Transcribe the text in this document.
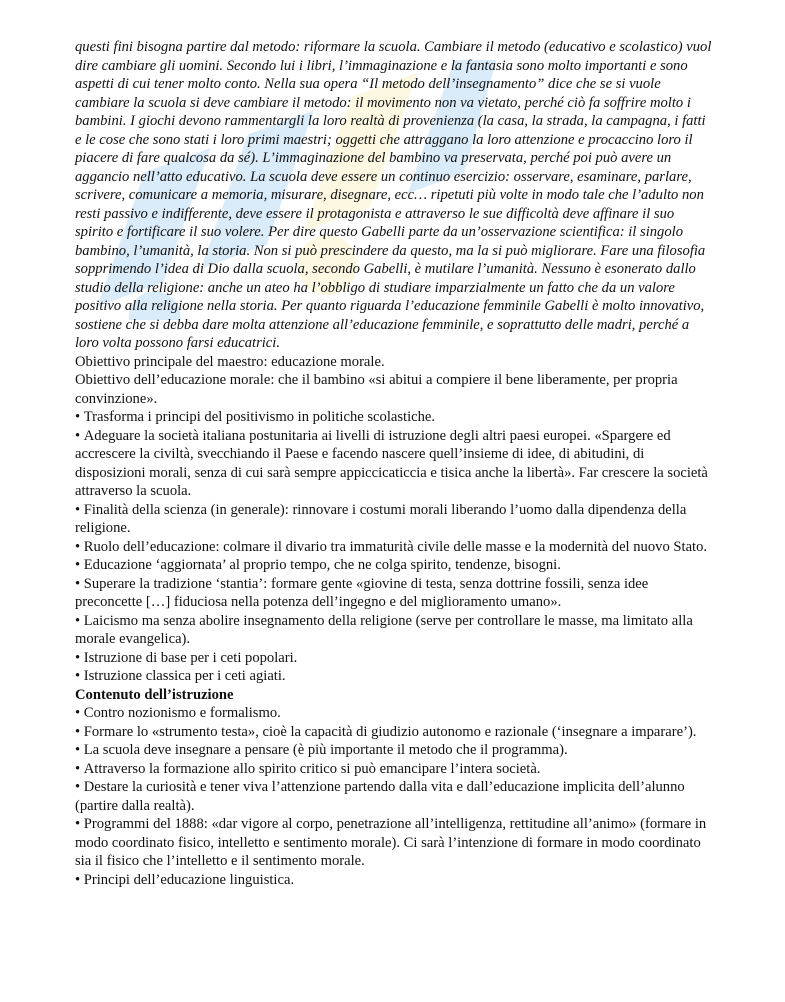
questi fini bisogna partire dal metodo: riformare la scuola. Cambiare il metodo (educativo e scolastico) vuol dire cambiare gli uomini. Secondo lui i libri, l’immaginazione e la fantasia sono molto importanti e sono aspetti di cui tener molto conto. Nella sua opera “Il metodo dell’insegnamento” dice che se si vuole cambiare la scuola si deve cambiare il metodo: il movimento non va vietato, perché ciò fa soffrire molto i bambini. I giochi devono rammentargli la loro realtà di provenienza (la casa, la strada, la campagna, i fatti e le cose che sono stati i loro primi maestri; oggetti che attraggano la loro attenzione e procaccino loro il piacere di fare qualcosa da sé). L’immaginazione del bambino va preservata, perché poi può avere un aggancio nell’atto educativo. La scuola deve essere un continuo esercizio: osservare, esaminare, parlare, scrivere, comunicare a memoria, misurare, disegnare, ecc… ripetuti più volte in modo tale che l’adulto non resti passivo e indifferente, deve essere il protagonista e attraverso le sue difficoltà deve affinare il suo spirito e fortificare il suo volere. Per dire questo Gabelli parte da un’osservazione scientifica: il singolo bambino, l’umanità, la storia. Non si può prescindere da questo, ma la si può migliorare. Fare una filosofia sopprimendo l’idea di Dio dalla scuola, secondo Gabelli, è mutilare l’umanità. Nessuno è esonerato dallo studio della religione: anche un ateo ha l’obbligo di studiare imparzialmente un fatto che da un valore positivo alla religione nella storia. Per quanto riguarda l’educazione femminile Gabelli è molto innovativo, sostiene che si debba dare molta attenzione all’educazione femminile, e soprattutto delle madri, perché a loro volta possono farsi educatrici.

Obiettivo principale del maestro: educazione morale.

Obiettivo dell’educazione morale: che il bambino «si abitui a compiere il bene liberamente, per propria convinzione».

• Trasforma i principi del positivismo in politiche scolastiche.

• Adeguare la società italiana postunitaria ai livelli di istruzione degli altri paesi europei. «Spargere ed accrescere la civiltà, svecchiando il Paese e facendo nascere quell’insieme di idee, di abitudini, di disposizioni morali, senza di cui sarà sempre appiccicaticcia e tisica anche la libertà». Far crescere la società attraverso la scuola.

• Finalità della scienza (in generale): rinnovare i costumi morali liberando l’uomo dalla dipendenza della religione.

• Ruolo dell’educazione: colmare il divario tra immaturità civile delle masse e la modernità del nuovo Stato.

• Educazione ‘aggiornata’ al proprio tempo, che ne colga spirito, tendenze, bisogni.

• Superare la tradizione ‘stantia’: formare gente «giovine di testa, senza dottrine fossili, senza idee preconcette […] fiduciosa nella potenza dell’ingegno e del miglioramento umano».

• Laicismo ma senza abolire insegnamento della religione (serve per controllare le masse, ma limitato alla morale evangelica).

• Istruzione di base per i ceti popolari.

• Istruzione classica per i ceti agiati.

Contenuto dell’istruzione

• Contro nozionismo e formalismo.

• Formare lo «strumento testa», cioè la capacità di giudizio autonomo e razionale (‘insegnare a imparare’).

• La scuola deve insegnare a pensare (è più importante il metodo che il programma).

• Attraverso la formazione allo spirito critico si può emancipare l’intera società.

• Destare la curiosità e tener viva l’attenzione partendo dalla vita e dall’educazione implicita dell’alunno (partire dalla realtà).

• Programmi del 1888: «dar vigore al corpo, penetrazione all’intelligenza, rettitudine all’animo» (formare in modo coordinato fisico, intelletto e sentimento morale). Ci sarà l’intenzione di formare in modo coordinato sia il fisico che l’intelletto e il sentimento morale.

• Principi dell’educazione linguistica.
